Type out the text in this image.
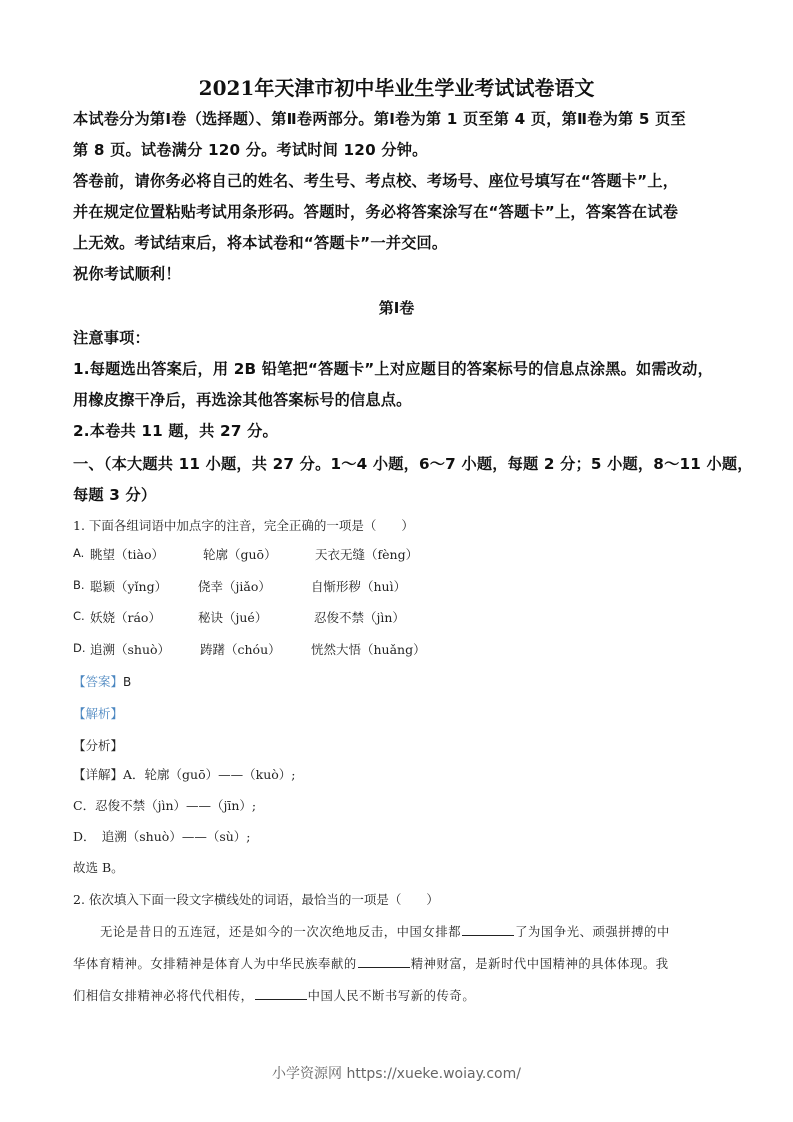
2021年天津市初中毕业生学业考试试卷语文
本试卷分为第Ⅰ卷（选择题）、第Ⅱ卷两部分。第Ⅰ卷为第 1 页至第 4 页，第Ⅱ卷为第 5 页至
第 8 页。试卷满分 120 分。考试时间 120 分钟。
答卷前，请你务必将自己的姓名、考生号、考点校、考场号、座位号填写在“答题卡”上，
并在规定位置粘贴考试用条形码。答题时，务必将答案涂写在“答题卡”上，答案答在试卷
上无效。考试结束后，将本试卷和“答题卡”一并交回。
祝你考试顺利！
第Ⅰ卷
注意事项：
1.每题选出答案后，用 2B 铅笔把“答题卡”上对应题目的答案标号的信息点涂黑。如需改动，
用橡皮擦干净后，再选涂其他答案标号的信息点。
2.本卷共 11 题，共 27 分。
一、（本大题共 11 小题，共 27 分。1～4 小题，6～7 小题，每题 2 分；5 小题，8～11 小题，
每题 3 分）
1. 下面各组词语中加点字的注音，完全正确的一项是（　　）
A. 眺望（tiào）	轮廓（guō）	天衣无缝（fèng）
B. 聪颖（yǐng） 侥幸（jiǎo）	自惭形秽（huì）
C. 妖娆（ráo）	秘诀（jué）	忍俊不禁（jìn）
D. 追溯（shuò） 踌躇（chóu） 恍然大悟（huǎng）
【答案】B
【解析】
【分析】
【详解】A．轮廓（guō）——（kuò）;
C．忍俊不禁（jìn）——（jīn）;
D．　追溯（shuò）——（sù）;
故选 B。
2. 依次填入下面一段文字横线处的词语，最恰当的一项是（　　）
无论是昔日的五连冠，还是如今的一次次绝地反击，中国女排都	了为国争光、顽强拼搏的中
华体育精神。女排精神是体育人为中华民族奉献的	精神财富，是新时代中国精神的具体体现。我
们相信女排精神必将代代相传，	中国人民不断书写新的传奇。
小学资源网 https://xueke.woiay.com/
